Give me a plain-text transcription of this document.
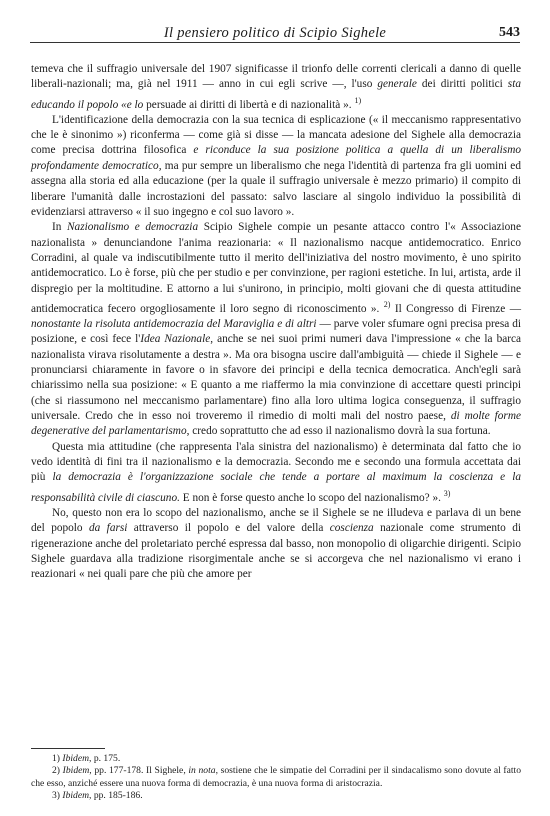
Il pensiero politico di Scipio Sighele	543

temeva che il suffragio universale del 1907 significasse il trionfo delle correnti clericali a danno di quelle liberali-nazionali; ma, già nel 1911 — anno in cui egli scrive —, l'uso generale dei diritti politici sta educando il popolo «e lo persuade ai diritti di libertà e di nazionalità ». $^{1)}$

L'identificazione della democrazia con la sua tecnica di esplicazione (« il meccanismo rappresentativo che le è sinonimo ») riconferma — come già si disse — la mancata adesione del Sighele alla democrazia come precisa dottrina filosofica e riconduce la sua posizione politica a quella di un liberalismo profondamente democratico, ma pur sempre un liberalismo che nega l'identità di partenza fra gli uomini ed assegna alla storia ed alla educazione (per la quale il suffragio universale è mezzo primario) il compito di liberare l'umanità dalle incrostazioni del passato: salvo lasciare al singolo individuo la possibilità di evidenziarsi attraverso « il suo ingegno e col suo lavoro ».

In Nazionalismo e democrazia Scipio Sighele compie un pesante attacco contro l'« Associazione nazionalista » denunciandone l'anima reazionaria: « Il nazionalismo nacque antidemocratico. Enrico Corradini, al quale va indiscutibilmente tutto il merito dell'iniziativa del nostro movimento, è uno spirito antidemocratico. Lo è forse, più che per studio e per convinzione, per ragioni estetiche. In lui, artista, arde il dispregio per la moltitudine. E attorno a lui s'unirono, in principio, molti giovani che di questa attitudine antidemocratica fecero orgogliosamente il loro segno di riconoscimento ». $^{2)}$ Il Congresso di Firenze — nonostante la risoluta antidemocrazia del Maraviglia e di altri — parve voler sfumare ogni precisa presa di posizione, e così fece l'Idea Nazionale, anche se nei suoi primi numeri dava l'impressione « che la barca nazionalista virava risolutamente a destra ». Ma ora bisogna uscire dall'ambiguità — chiede il Sighele — e pronunciarsi chiaramente in favore o in sfavore dei principi e della tecnica democratica. Anch'egli sarà chiarissimo nella sua posizione: « E quanto a me riaffermo la mia convinzione di accettare questi principi (che si riassumono nel meccanismo parlamentare) fino alla loro ultima logica conseguenza, il suffragio universale. Credo che in esso noi troveremo il rimedio di molti mali del nostro paese, di molte forme degenerative del parlamentarismo, credo soprattutto che ad esso il nazionalismo dovrà la sua fortuna.

Questa mia attitudine (che rappresenta l'ala sinistra del nazionalismo) è determinata dal fatto che io vedo identità di fini tra il nazionalismo e la democrazia. Secondo me e secondo una formula accettata dai più la democrazia è l'organizzazione sociale che tende a portare al maximum la coscienza e la responsabilità civile di ciascuno. E non è forse questo anche lo scopo del nazionalismo? ». $^{3)}$

No, questo non era lo scopo del nazionalismo, anche se il Sighele se ne illudeva e parlava di un bene del popolo da farsi attraverso il popolo e del valore della coscienza nazionale come strumento di rigenerazione anche del proletariato perché espressa dal basso, non monopolio di oligarchie dirigenti. Scipio Sighele guardava alla tradizione risorgimentale anche se si accorgeva che nel nazionalismo vi erano i reazionari « nei quali pare che più che amore per

1) Ibidem, p. 175.

2) Ibidem, pp. 177-178. Il Sighele, in nota, sostiene che le simpatie del Corradini per il sindacalismo sono dovute al fatto che esso, anziché essere una nuova forma di democrazia, è una nuova forma di aristocrazia.

3) Ibidem, pp. 185-186.
